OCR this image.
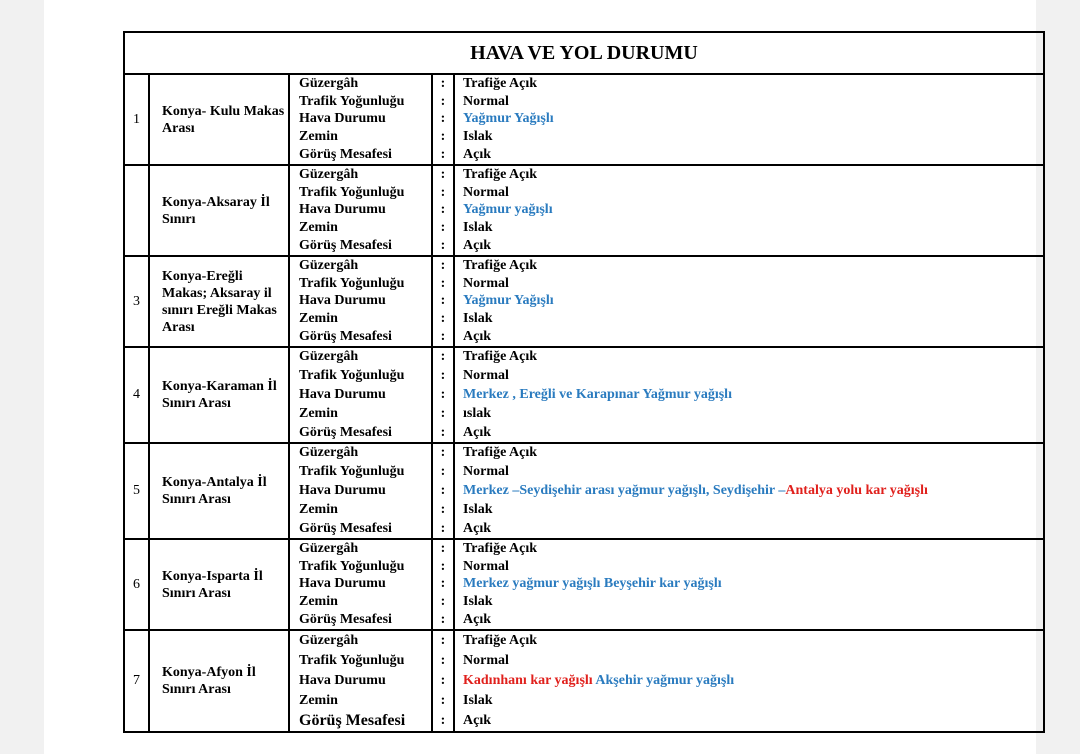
HAVA VE YOL DURUMU
1
Konya- Kulu Makas Arası
Güzergâh	:	Trafiğe Açık
Trafik Yoğunluğu	:	Normal
Hava Durumu	:	Yağmur Yağışlı
Zemin	:	Islak
Görüş Mesafesi	:	Açık
Konya-Aksaray İl Sınırı
Güzergâh	:	Trafiğe Açık
Trafik Yoğunluğu	:	Normal
Hava Durumu	:	Yağmur yağışlı
Zemin	:	Islak
Görüş Mesafesi	:	Açık
3
Konya-Ereğli Makas; Aksaray il sınırı Ereğli Makas Arası
Güzergâh	:	Trafiğe Açık
Trafik Yoğunluğu	:	Normal
Hava Durumu	:	Yağmur Yağışlı
Zemin	:	Islak
Görüş Mesafesi	:	Açık
4
Konya-Karaman İl Sınırı Arası
Güzergâh	:	Trafiğe Açık
Trafik Yoğunluğu	:	Normal
Hava Durumu	:	Merkez , Ereğli ve Karapınar Yağmur yağışlı
Zemin	:	ıslak
Görüş Mesafesi	:	Açık
5
Konya-Antalya İl Sınırı Arası
Güzergâh	:	Trafiğe Açık
Trafik Yoğunluğu	:	Normal
Hava Durumu	:	Merkez –Seydişehir arası yağmur yağışlı, Seydişehir –Antalya yolu kar yağışlı
Zemin	:	Islak
Görüş Mesafesi	:	Açık
6
Konya-Isparta İl Sınırı Arası
Güzergâh	:	Trafiğe Açık
Trafik Yoğunluğu	:	Normal
Hava Durumu	:	Merkez yağmur yağışlı Beyşehir kar yağışlı
Zemin	:	Islak
Görüş Mesafesi	:	Açık
7
Konya-Afyon İl Sınırı Arası
Güzergâh	:	Trafiğe Açık
Trafik Yoğunluğu	:	Normal
Hava Durumu	:	Kadınhanı kar yağışlı Akşehir yağmur yağışlı
Zemin	:	Islak
Görüş Mesafesi	:	Açık
